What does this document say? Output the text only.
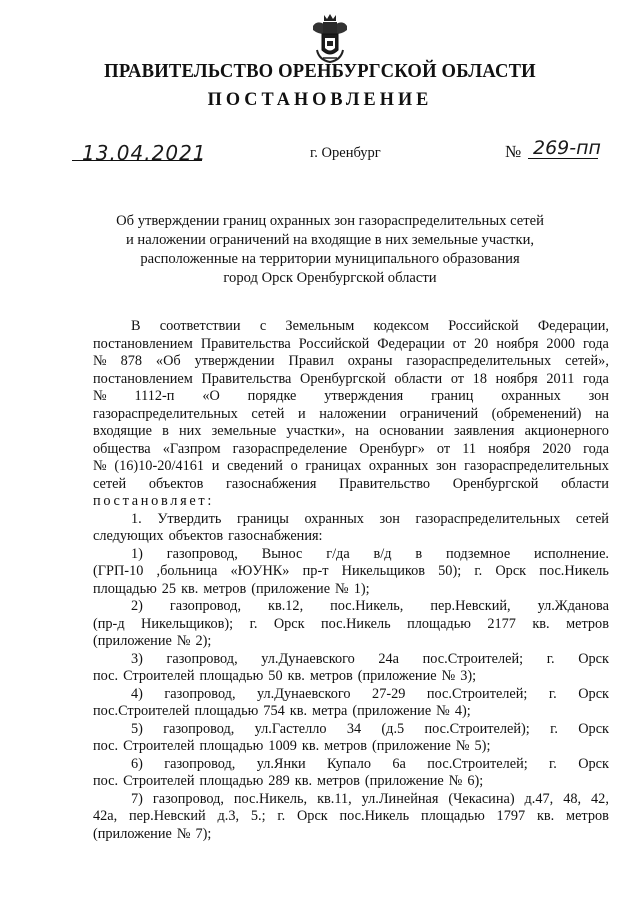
ПРАВИТЕЛЬСТВО ОРЕНБУРГСКОЙ ОБЛАСТИ
ПОСТАНОВЛЕНИЕ
13.04.2021	г. Оренбург	№ 269-пп
Об утверждении границ охранных зон газораспределительных сетей
и наложении ограничений на входящие в них земельные участки,
расположенные на территории муниципального образования
город Орск Оренбургской области
В соответствии с Земельным кодексом Российской Федерации,
постановлением Правительства Российской Федерации от 20 ноября 2000 года
№ 878 «Об утверждении Правил охраны газораспределительных сетей»,
постановлением Правительства Оренбургской области от 18 ноября 2011 года
№ 1112-п «О порядке утверждения границ охранных зон
газораспределительных сетей и наложении ограничений (обременений) на
входящие в них земельные участки», на основании заявления акционерного
общества «Газпром газораспределение Оренбург» от 11 ноября 2020 года
№ (16)10-20/4161 и сведений о границах охранных зон газораспределительных
сетей объектов газоснабжения Правительство Оренбургской области
постановляет:
1. Утвердить границы охранных зон газораспределительных сетей
следующих объектов газоснабжения:
1) газопровод, Вынос г/да в/д в подземное исполнение.
(ГРП-10 ,больница «ЮУНК» пр-т Никельщиков 50); г. Орск пос.Никель
площадью 25 кв. метров (приложение № 1);
2) газопровод, кв.12, пос.Никель, пер.Невский, ул.Жданова
(пр-д Никельщиков); г. Орск пос.Никель площадью 2177 кв. метров
(приложение № 2);
3) газопровод, ул.Дунаевского 24а пос.Строителей; г. Орск
пос. Строителей площадью 50 кв. метров (приложение № 3);
4) газопровод, ул.Дунаевского 27-29 пос.Строителей; г. Орск
пос.Строителей площадью 754 кв. метра (приложение № 4);
5) газопровод, ул.Гастелло 34 (д.5 пос.Строителей); г. Орск
пос. Строителей площадью 1009 кв. метров (приложение № 5);
6) газопровод, ул.Янки Купало 6а пос.Строителей; г. Орск
пос. Строителей площадью 289 кв. метров (приложение № 6);
7) газопровод, пос.Никель, кв.11, ул.Линейная (Чекасина) д.47, 48, 42,
42а, пер.Невский д.3, 5.; г. Орск пос.Никель площадью 1797 кв. метров
(приложение № 7);
